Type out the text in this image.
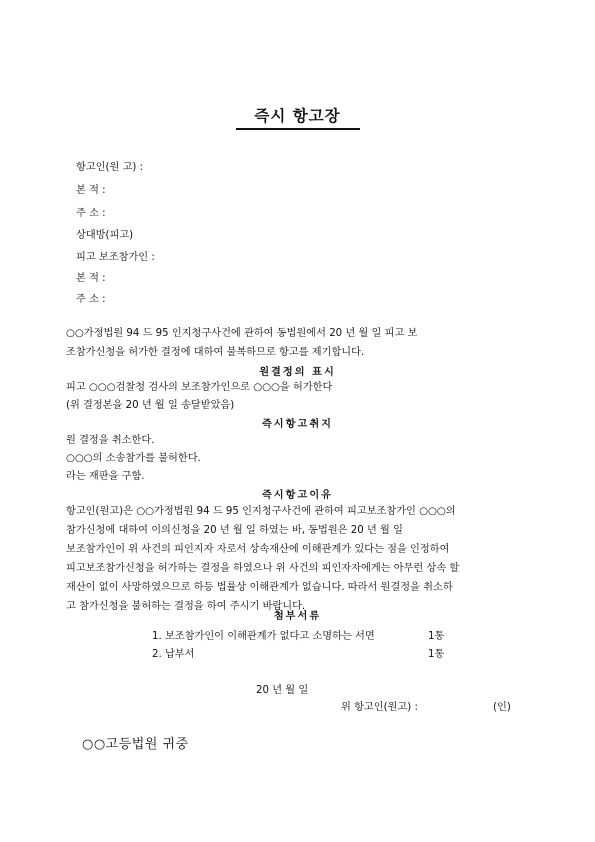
즉시 항고장
항고인(원 고) :
본 적 :
주 소 :
상대방(피고)
피고 보조참가인 :
본 적 :
주 소 :
○○가정법원 94 드 95 인지청구사건에 관하여 동법원에서 20 년 월 일 피고 보
조참가신청을 허가한 결정에 대하여 불복하므로 항고를 제기합니다.
원결정의 표시
피고 ○○○검찰청 검사의 보조참가인으로 ○○○을 허가한다
(위 결정본을 20 년 월 일 송달받았음)
즉시항고취지
원 결정을 취소한다.
○○○의 소송참가를 불허한다.
라는 재판을 구함.
즉시항고이유
항고인(원고)은 ○○가정법원 94 드 95 인지청구사건에 관하여 피고보조참가인 ○○○의
참가신청에 대하여 이의신청을 20 년 월 일 하였는 바, 동법원은 20 년 월 일
보조참가인이 위 사건의 피인지자 자로서 상속재산에 이해관계가 있다는 점을 인정하여
피고보조참가신청을 허가하는 결정을 하였으나 위 사건의 피인자자에게는 아무런 상속 할
재산이 없이 사망하였으므로 하등 법률상 이해관계가 없습니다. 따라서 원결정을 취소하
고 참가신청을 불허하는 결정을 하여 주시기 바랍니다.
첨부서류
1. 보조참가인이 이해관계가 없다고 소명하는 서면	1통
2. 납부서	1통
20 년 월 일
위 항고인(원고) :	(인)
○○고등법원 귀중
